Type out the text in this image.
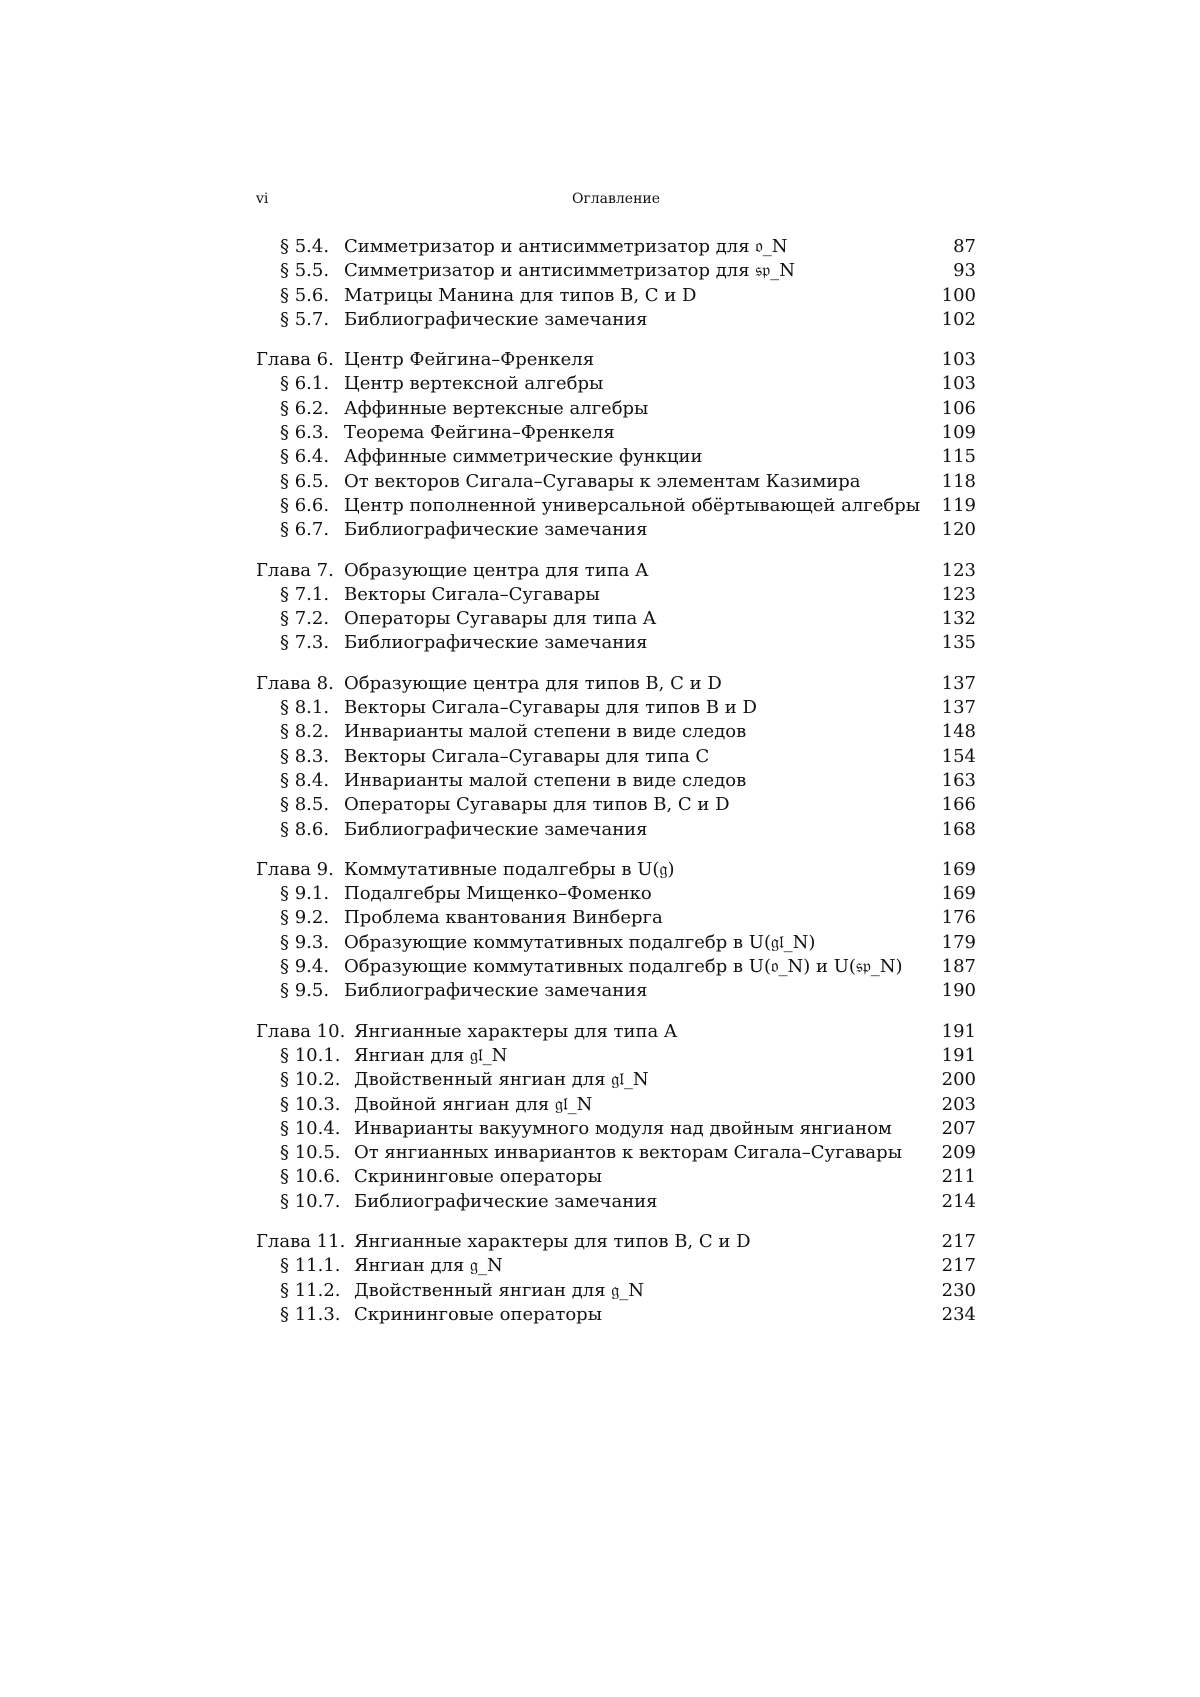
vi	Оглавление
§ 5.4. Симметризатор и антисимметризатор для 𝔬_N	87
§ 5.5. Симметризатор и антисимметризатор для 𝔰𝔭_N	93
§ 5.6. Матрицы Манина для типов B, C и D	100
§ 5.7. Библиографические замечания	102
Глава 6. Центр Фейгина–Френкеля	103
§ 6.1. Центр вертексной алгебры	103
§ 6.2. Аффинные вертексные алгебры	106
§ 6.3. Теорема Фейгина–Френкеля	109
§ 6.4. Аффинные симметрические функции	115
§ 6.5. От векторов Сигала–Сугавары к элементам Казимира	118
§ 6.6. Центр пополненной универсальной обёртывающей алгебры 119
§ 6.7. Библиографические замечания	120
Глава 7. Образующие центра для типа A	123
§ 7.1. Векторы Сигала–Сугавары	123
§ 7.2. Операторы Сугавары для типа A	132
§ 7.3. Библиографические замечания	135
Глава 8. Образующие центра для типов B, C и D	137
§ 8.1. Векторы Сигала–Сугавары для типов B и D	137
§ 8.2. Инварианты малой степени в виде следов	148
§ 8.3. Векторы Сигала–Сугавары для типа C	154
§ 8.4. Инварианты малой степени в виде следов	163
§ 8.5. Операторы Сугавары для типов B, C и D	166
§ 8.6. Библиографические замечания	168
Глава 9. Коммутативные подалгебры в U(𝔤)	169
§ 9.1. Подалгебры Мищенко–Фоменко	169
§ 9.2. Проблема квантования Винберга	176
§ 9.3. Образующие коммутативных подалгебр в U(𝔤𝔩_N)	179
§ 9.4. Образующие коммутативных подалгебр в U(𝔬_N) и U(𝔰𝔭_N) 187
§ 9.5. Библиографические замечания	190
Глава 10. Янгианные характеры для типа A	191
§ 10.1. Янгиан для 𝔤𝔩_N	191
§ 10.2. Двойственный янгиан для 𝔤𝔩_N	200
§ 10.3. Двойной янгиан для 𝔤𝔩_N	203
§ 10.4. Инварианты вакуумного модуля над двойным янгианом	207
§ 10.5. От янгианных инвариантов к векторам Сигала–Сугавары 209
§ 10.6. Скрининговые операторы	211
§ 10.7. Библиографические замечания	214
Глава 11. Янгианные характеры для типов B, C и D	217
§ 11.1. Янгиан для 𝔤_N	217
§ 11.2. Двойственный янгиан для 𝔤_N	230
§ 11.3. Скрининговые операторы	234
